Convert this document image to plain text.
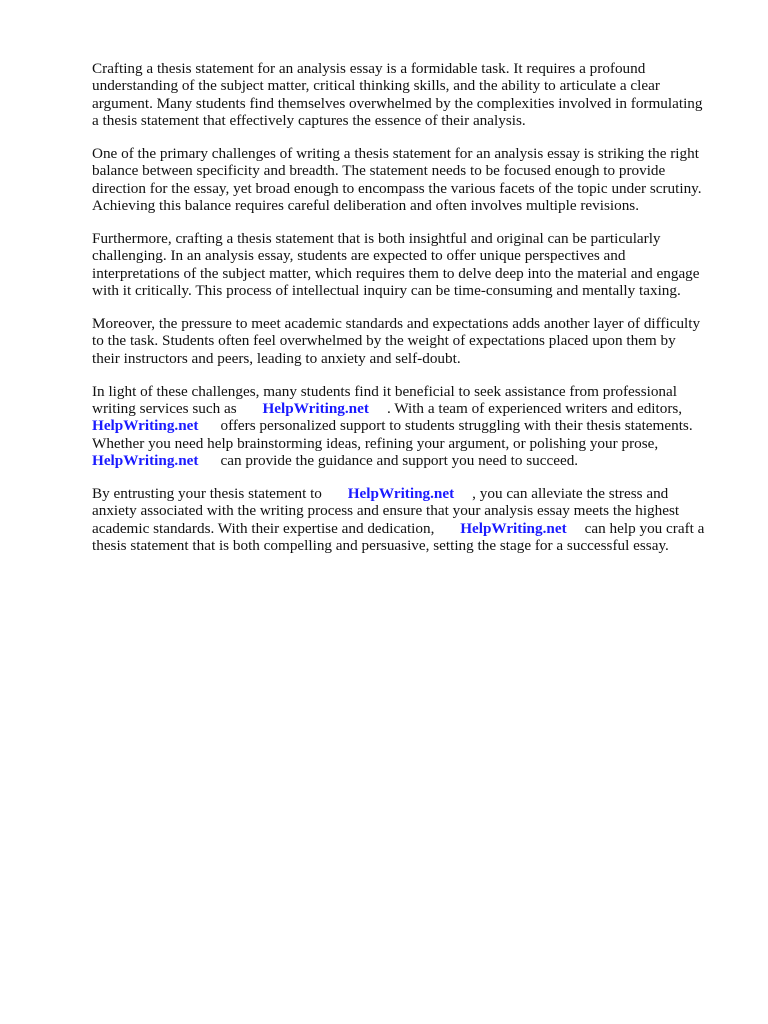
Crafting a thesis statement for an analysis essay is a formidable task. It requires a profound
understanding of the subject matter, critical thinking skills, and the ability to articulate a clear
argument. Many students find themselves overwhelmed by the complexities involved in formulating
a thesis statement that effectively captures the essence of their analysis.

One of the primary challenges of writing a thesis statement for an analysis essay is striking the right
balance between specificity and breadth. The statement needs to be focused enough to provide
direction for the essay, yet broad enough to encompass the various facets of the topic under scrutiny.
Achieving this balance requires careful deliberation and often involves multiple revisions.

Furthermore, crafting a thesis statement that is both insightful and original can be particularly
challenging. In an analysis essay, students are expected to offer unique perspectives and
interpretations of the subject matter, which requires them to delve deep into the material and engage
with it critically. This process of intellectual inquiry can be time-consuming and mentally taxing.

Moreover, the pressure to meet academic standards and expectations adds another layer of difficulty
to the task. Students often feel overwhelmed by the weight of expectations placed upon them by
their instructors and peers, leading to anxiety and self-doubt.

In light of these challenges, many students find it beneficial to seek assistance from professional
writing services such as HelpWriting.net . With a team of experienced writers and editors,
HelpWriting.net offers personalized support to students struggling with their thesis statements.
Whether you need help brainstorming ideas, refining your argument, or polishing your prose,
HelpWriting.net can provide the guidance and support you need to succeed.

By entrusting your thesis statement to HelpWriting.net , you can alleviate the stress and
anxiety associated with the writing process and ensure that your analysis essay meets the highest
academic standards. With their expertise and dedication, HelpWriting.net can help you craft a
thesis statement that is both compelling and persuasive, setting the stage for a successful essay.
